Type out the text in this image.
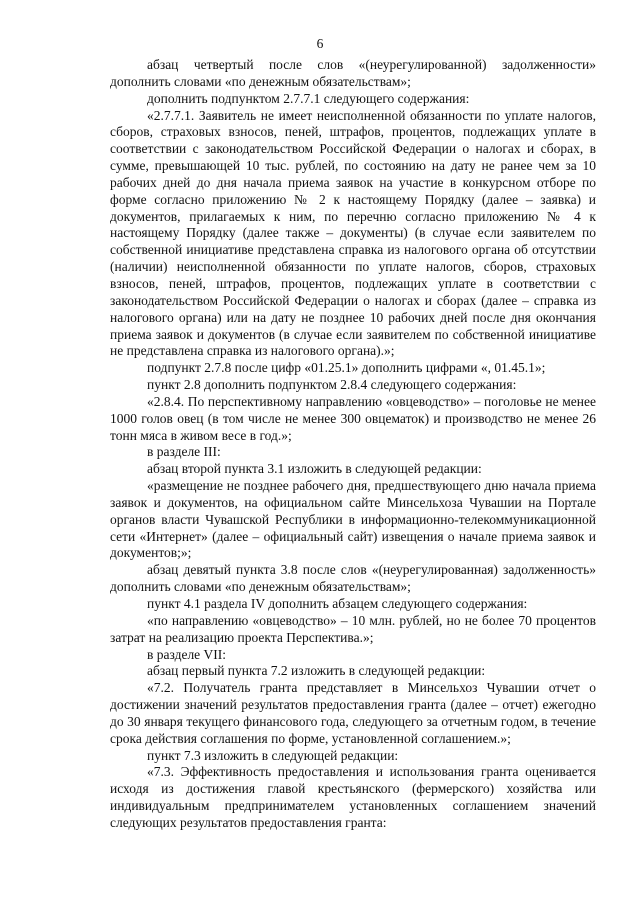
6

абзац четвертый после слов «(неурегулированной) задолженности» дополнить словами «по денежным обязательствам»;

дополнить подпунктом 2.7.7.1 следующего содержания:

«2.7.7.1. Заявитель не имеет неисполненной обязанности по уплате налогов, сборов, страховых взносов, пеней, штрафов, процентов, подлежащих уплате в соответствии с законодательством Российской Федерации о налогах и сборах, в сумме, превышающей 10 тыс. рублей, по состоянию на дату не ранее чем за 10 рабочих дней до дня начала приема заявок на участие в конкурсном отборе по форме согласно приложению № 2 к настоящему Порядку (далее – заявка) и документов, прилагаемых к ним, по перечню согласно приложению № 4 к настоящему Порядку (далее также – документы) (в случае если заявителем по собственной инициативе представлена справка из налогового органа об отсутствии (наличии) неисполненной обязанности по уплате налогов, сборов, страховых взносов, пеней, штрафов, процентов, подлежащих уплате в соответствии с законодательством Российской Федерации о налогах и сборах (далее – справка из налогового органа) или на дату не позднее 10 рабочих дней после дня окончания приема заявок и документов (в случае если заявителем по собственной инициативе не представлена справка из налогового органа).»;

подпункт 2.7.8 после цифр «01.25.1» дополнить цифрами «, 01.45.1»;

пункт 2.8 дополнить подпунктом 2.8.4 следующего содержания:

«2.8.4. По перспективному направлению «овцеводство» – поголовье не менее 1000 голов овец (в том числе не менее 300 овцематок) и производство не менее 26 тонн мяса в живом весе в год.»;

в разделе III:

абзац второй пункта 3.1 изложить в следующей редакции:

«размещение не позднее рабочего дня, предшествующего дню начала приема заявок и документов, на официальном сайте Минсельхоза Чувашии на Портале органов власти Чувашской Республики в информационно-телекоммуникационной сети «Интернет» (далее – официальный сайт) извещения о начале приема заявок и документов;»;

абзац девятый пункта 3.8 после слов «(неурегулированная) задолженность» дополнить словами «по денежным обязательствам»;

пункт 4.1 раздела IV дополнить абзацем следующего содержания:

«по направлению «овцеводство» – 10 млн. рублей, но не более 70 процентов затрат на реализацию проекта Перспектива.»;

в разделе VII:

абзац первый пункта 7.2 изложить в следующей редакции:

«7.2. Получатель гранта представляет в Минсельхоз Чувашии отчет о достижении значений результатов предоставления гранта (далее – отчет) ежегодно до 30 января текущего финансового года, следующего за отчетным годом, в течение срока действия соглашения по форме, установленной соглашением.»;

пункт 7.3 изложить в следующей редакции:

«7.3. Эффективность предоставления и использования гранта оценивается исходя из достижения главой крестьянского (фермерского) хозяйства или индивидуальным предпринимателем установленных соглашением значений следующих результатов предоставления гранта:
